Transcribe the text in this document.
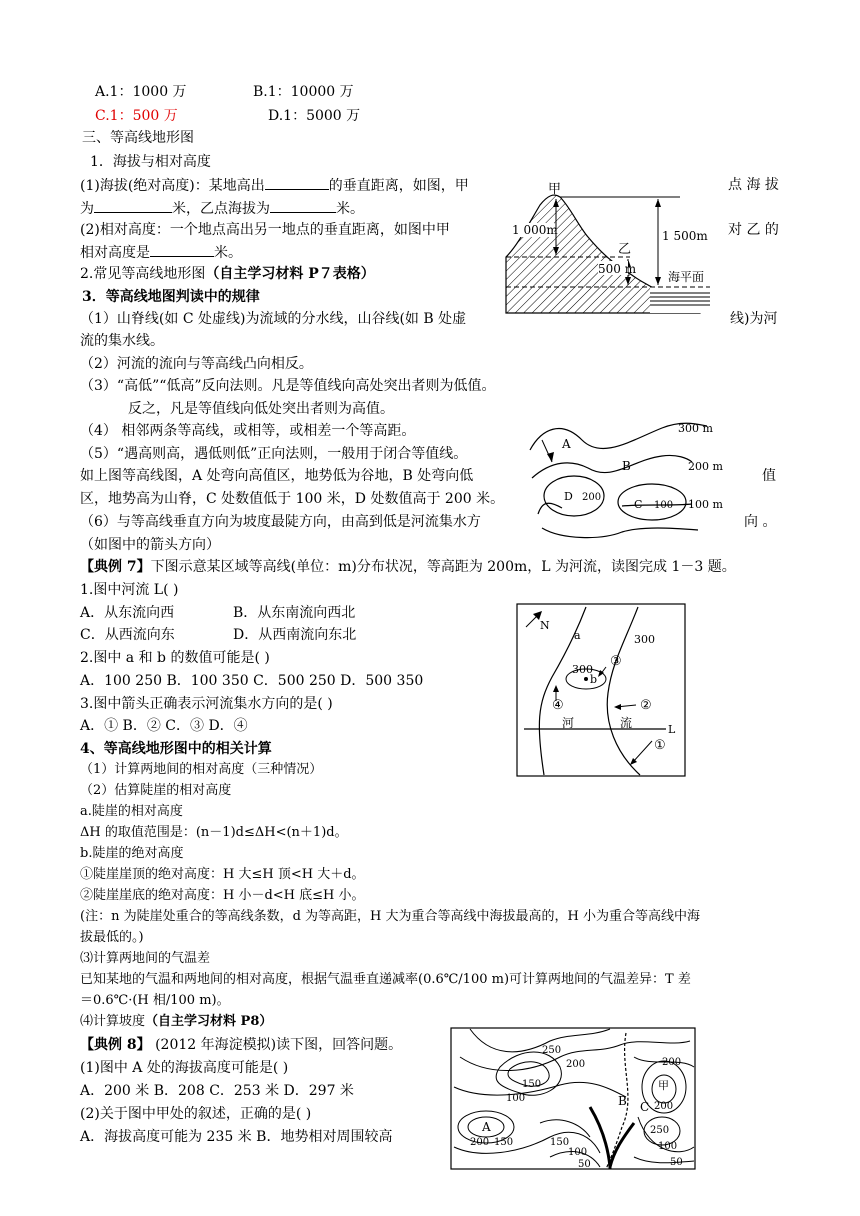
A.1：1000 万	B.1：10000 万
C.1：500 万	D.1：5000 万
三、等高线地形图
1．海拔与相对高度
(1)海拔(绝对高度)：某地高出	的垂直距离，如图，甲	点 海 拔
为	米，乙点海拔为	米。
(2)相对高度：一个地点高出另一地点的垂直距离，如图中甲	对 乙 的
相对高度是	米。
2.常见等高线地形图（自主学习材料 P７表格）
3．等高线地图判读中的规律
（1）山脊线(如 C 处虚线)为流域的分水线，山谷线(如 B 处虚	线)为河
流的集水线。
（2）河流的流向与等高线凸向相反。
（3）“高低”“低高”反向法则。凡是等值线向高处突出者则为低值。
反之，凡是等值线向低处突出者则为高值。
（4） 相邻两条等高线，或相等，或相差一个等高距。
（5）“遇高则高，遇低则低”正向法则，一般用于闭合等值线。
如上图等高线图，A 处弯向高值区，地势低为谷地，B 处弯向低	值
区，地势高为山脊，C 处数值低于 100 米，D 处数值高于 200 米。
（6）与等高线垂直方向为坡度最陡方向，由高到低是河流集水方	向 。
（如图中的箭头方向）
【典例 7】下图示意某区域等高线(单位：m)分布状况，等高距为 200m，L 为河流，读图完成 1－3 题。
1.图中河流 L( )
A．从东流向西	B．从东南流向西北
C．从西流向东	D．从西南流向东北
2.图中 a 和 b 的数值可能是( )
A．100 250 B．100 350 C．500 250 D．500 350
3.图中箭头正确表示河流集水方向的是( )
A．① B．② C．③ D．④
4、等高线地形图中的相关计算
（1）计算两地间的相对高度（三种情况）
（2）估算陡崖的相对高度
a.陡崖的相对高度
ΔH 的取值范围是：(n－1)d≤ΔH<(n＋1)d。
b.陡崖的绝对高度
①陡崖崖顶的绝对高度：H 大≤H 顶<H 大＋d。
②陡崖崖底的绝对高度：H 小－d<H 底≤H 小。
(注：n 为陡崖处重合的等高线条数，d 为等高距，H 大为重合等高线中海拔最高的，H 小为重合等高线中海
拔最低的。)
⑶计算两地间的气温差
已知某地的气温和两地间的相对高度，根据气温垂直递减率(0.6℃/100 m)可计算两地间的气温差异：T 差
＝0.6℃·(H 相/100 m)。
⑷计算坡度（自主学习材料 P8）
【典例 8】 (2012 年海淀模拟)读下图，回答问题。
(1)图中 A 处的海拔高度可能是( )
A．200 米 B．208 C．253 米 D．297 米
(2)关于图中甲处的叙述，正确的是( )
A．海拔高度可能为 235 米 B．地势相对周围较高
1 000m	1 500m
甲
乙
500 m
海平面
A
B
D 200
C 100
300 m
200 m
100 m
N
a
b
300
300
③
②
④
①
河	流	L
250
200
150
100
200
甲
200
B C
250
A
200 150	150
100
50	50
100
